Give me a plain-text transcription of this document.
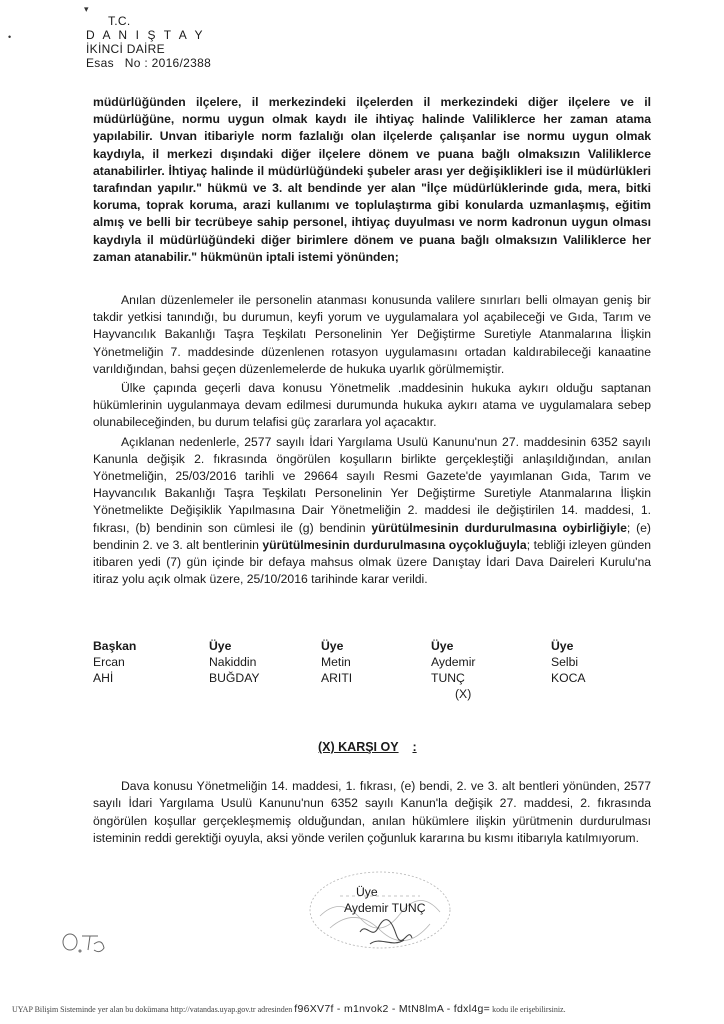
•
▾
T.C.
D A N I Ş T A Y
İKİNCİ DAİRE
Esas No : 2016/2388

müdürlüğünden ilçelere, il merkezindeki ilçelerden il merkezindeki diğer ilçelere ve il müdürlüğüne, normu uygun olmak kaydı ile ihtiyaç halinde Valiliklerce her zaman atama yapılabilir. Unvan itibariyle norm fazlalığı olan ilçelerde çalışanlar ise normu uygun olmak kaydıyla, il merkezi dışındaki diğer ilçelere dönem ve puana bağlı olmaksızın Valiliklerce atanabilirler. İhtiyaç halinde il müdürlüğündeki şubeler arası yer değişiklikleri ise il müdürlükleri tarafından yapılır." hükmü ve 3. alt bendinde yer alan "İlçe müdürlüklerinde gıda, mera, bitki koruma, toprak koruma, arazi kullanımı ve toplulaştırma gibi konularda uzmanlaşmış, eğitim almış ve belli bir tecrübeye sahip personel, ihtiyaç duyulması ve norm kadronun uygun olması kaydıyla il müdürlüğündeki diğer birimlere dönem ve puana bağlı olmaksızın Valiliklerce her zaman atanabilir." hükmünün iptali istemi yönünden;

Anılan düzenlemeler ile personelin atanması konusunda valilere sınırları belli olmayan geniş bir takdir yetkisi tanındığı, bu durumun, keyfi yorum ve uygulamalara yol açabileceği ve Gıda, Tarım ve Hayvancılık Bakanlığı Taşra Teşkilatı Personelinin Yer Değiştirme Suretiyle Atanmalarına İlişkin Yönetmeliğin 7. maddesinde düzenlenen rotasyon uygulamasını ortadan kaldırabileceği kanaatine varıldığından, bahsi geçen düzenlemelerde de hukuka uyarlık görülmemiştir.

Ülke çapında geçerli dava konusu Yönetmelik .maddesinin hukuka aykırı olduğu saptanan hükümlerinin uygulanmaya devam edilmesi durumunda hukuka aykırı atama ve uygulamalara sebep olunabileceğinden, bu durum telafisi güç zararlara yol açacaktır.

Açıklanan nedenlerle, 2577 sayılı İdari Yargılama Usulü Kanunu'nun 27. maddesinin 6352 sayılı Kanunla değişik 2. fıkrasında öngörülen koşulların birlikte gerçekleştiği anlaşıldığından, anılan Yönetmeliğin, 25/03/2016 tarihli ve 29664 sayılı Resmi Gazete'de yayımlanan Gıda, Tarım ve Hayvancılık Bakanlığı Taşra Teşkilatı Personelinin Yer Değiştirme Suretiyle Atanmalarına İlişkin Yönetmelikte Değişiklik Yapılmasına Dair Yönetmeliğin 2. maddesi ile değiştirilen 14. maddesi, 1. fıkrası, (b) bendinin son cümlesi ile (g) bendinin yürütülmesinin durdurulmasına oybirliğiyle; (e) bendinin 2. ve 3. alt bentlerinin yürütülmesinin durdurulmasına oyçokluğuyla; tebliği izleyen günden itibaren yedi (7) gün içinde bir defaya mahsus olmak üzere Danıştay İdari Dava Daireleri Kurulu'na itiraz yolu açık olmak üzere, 25/10/2016 tarihinde karar verildi.

Başkan
Ercan
AHİ
Üye
Nakiddin
BUĞDAY
Üye
Metin
ARITI
Üye
Aydemir
TUNÇ
(X)
Üye
Selbi
KOCA
(X) KARŞI OY :

Dava konusu Yönetmeliğin 14. maddesi, 1. fıkrası, (e) bendi, 2. ve 3. alt bentleri yönünden, 2577 sayılı İdari Yargılama Usulü Kanunu'nun 6352 sayılı Kanun'la değişik 27. maddesi, 2. fıkrasında öngörülen koşullar gerçekleşmemiş olduğundan, anılan hükümlere ilişkin yürütmenin durdurulması isteminin reddi gerektiği oyuyla, aksi yönde verilen çoğunluk kararına bu kısmı itibarıyla katılmıyorum.

Üye
Aydemir TUNÇ
UYAP Bilişim Sisteminde yer alan bu dokümana http://vatandas.uyap.gov.tr adresinden f96XV7f - m1nvok2 - MtN8lmA - fdxl4g= kodu ile erişebilirsiniz.
